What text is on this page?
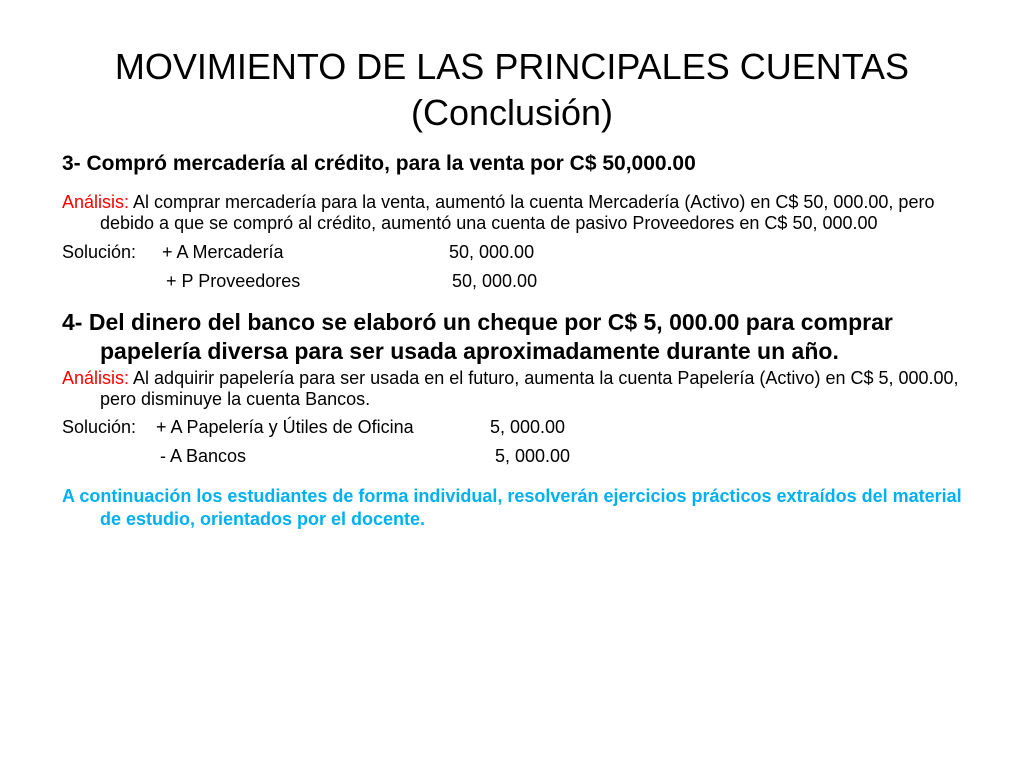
MOVIMIENTO DE LAS PRINCIPALES CUENTAS
(Conclusión)

3- Compró mercadería al crédito, para la venta por C$ 50,000.00

Análisis: Al comprar mercadería para la venta, aumentó la cuenta Mercadería (Activo) en C$ 50, 000.00, pero debido a que se compró al crédito, aumentó una cuenta de pasivo Proveedores en C$ 50, 000.00

Solución: + A Mercadería	50, 000.00
+ P Proveedores	50, 000.00

4- Del dinero del banco se elaboró un cheque por C$ 5, 000.00 para comprar papelería diversa para ser usada aproximadamente durante un año.

Análisis: Al adquirir papelería para ser usada en el futuro, aumenta la cuenta Papelería (Activo) en C$ 5, 000.00, pero disminuye la cuenta Bancos.

Solución: + A Papelería y Útiles de Oficina	5, 000.00
- A Bancos	5, 000.00

A continuación los estudiantes de forma individual, resolverán ejercicios prácticos extraídos del material de estudio, orientados por el docente.
